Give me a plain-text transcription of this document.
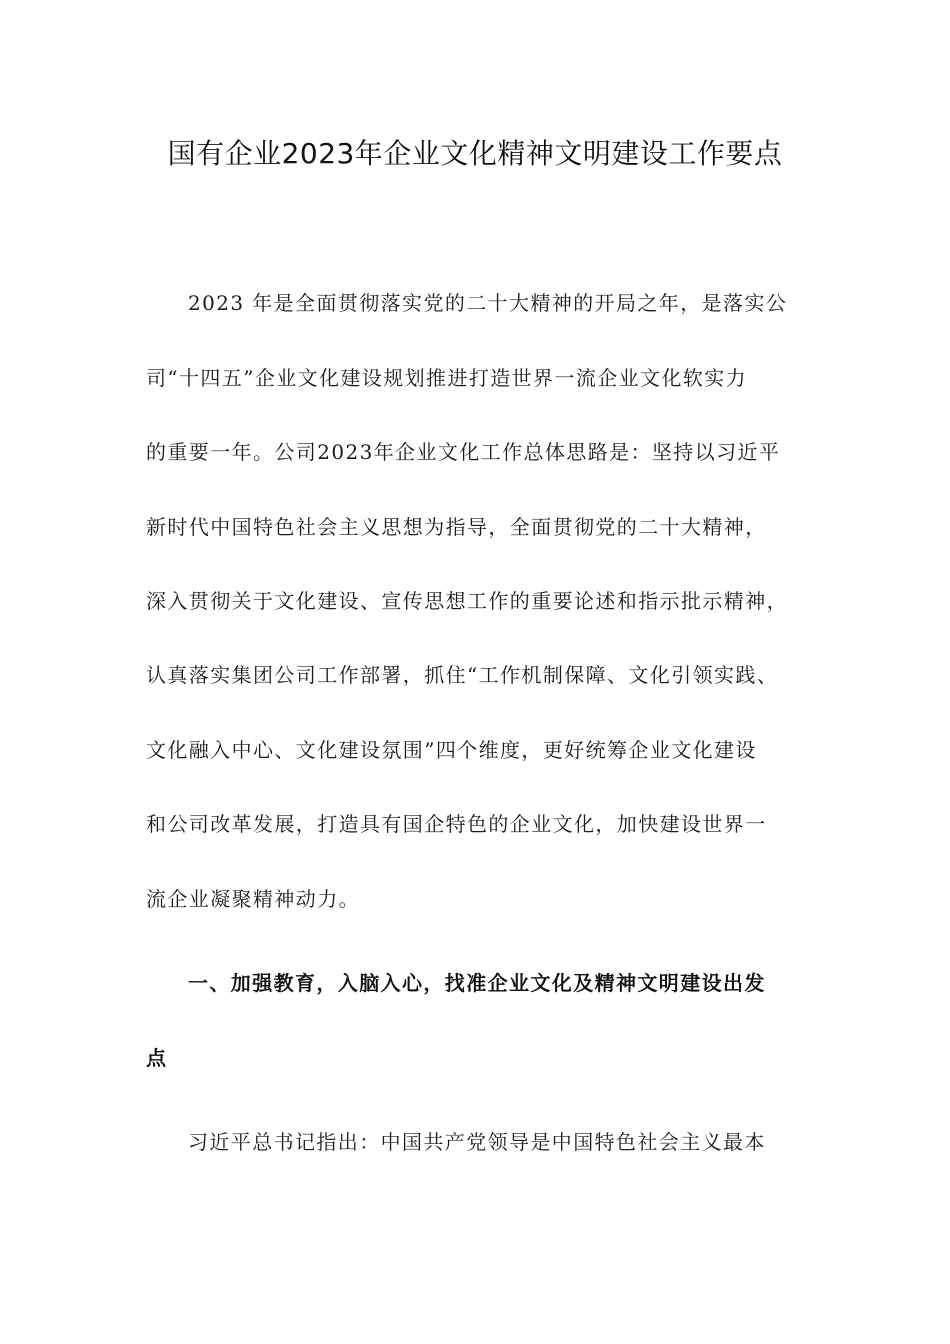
国有企业2023年企业文化精神文明建设工作要点
2023 年是全面贯彻落实党的二十大精神的开局之年，是落实公
司“十四五”企业文化建设规划推进打造世界一流企业文化软实力
的重要一年。公司2023年企业文化工作总体思路是：坚持以习近平
新时代中国特色社会主义思想为指导，全面贯彻党的二十大精神，
深入贯彻关于文化建设、宣传思想工作的重要论述和指示批示精神，
认真落实集团公司工作部署，抓住“工作机制保障、文化引领实践、
文化融入中心、文化建设氛围”四个维度，更好统筹企业文化建设
和公司改革发展，打造具有国企特色的企业文化，加快建设世界一
流企业凝聚精神动力。
一、加强教育，入脑入心，找准企业文化及精神文明建设出发
点
习近平总书记指出：中国共产党领导是中国特色社会主义最本
